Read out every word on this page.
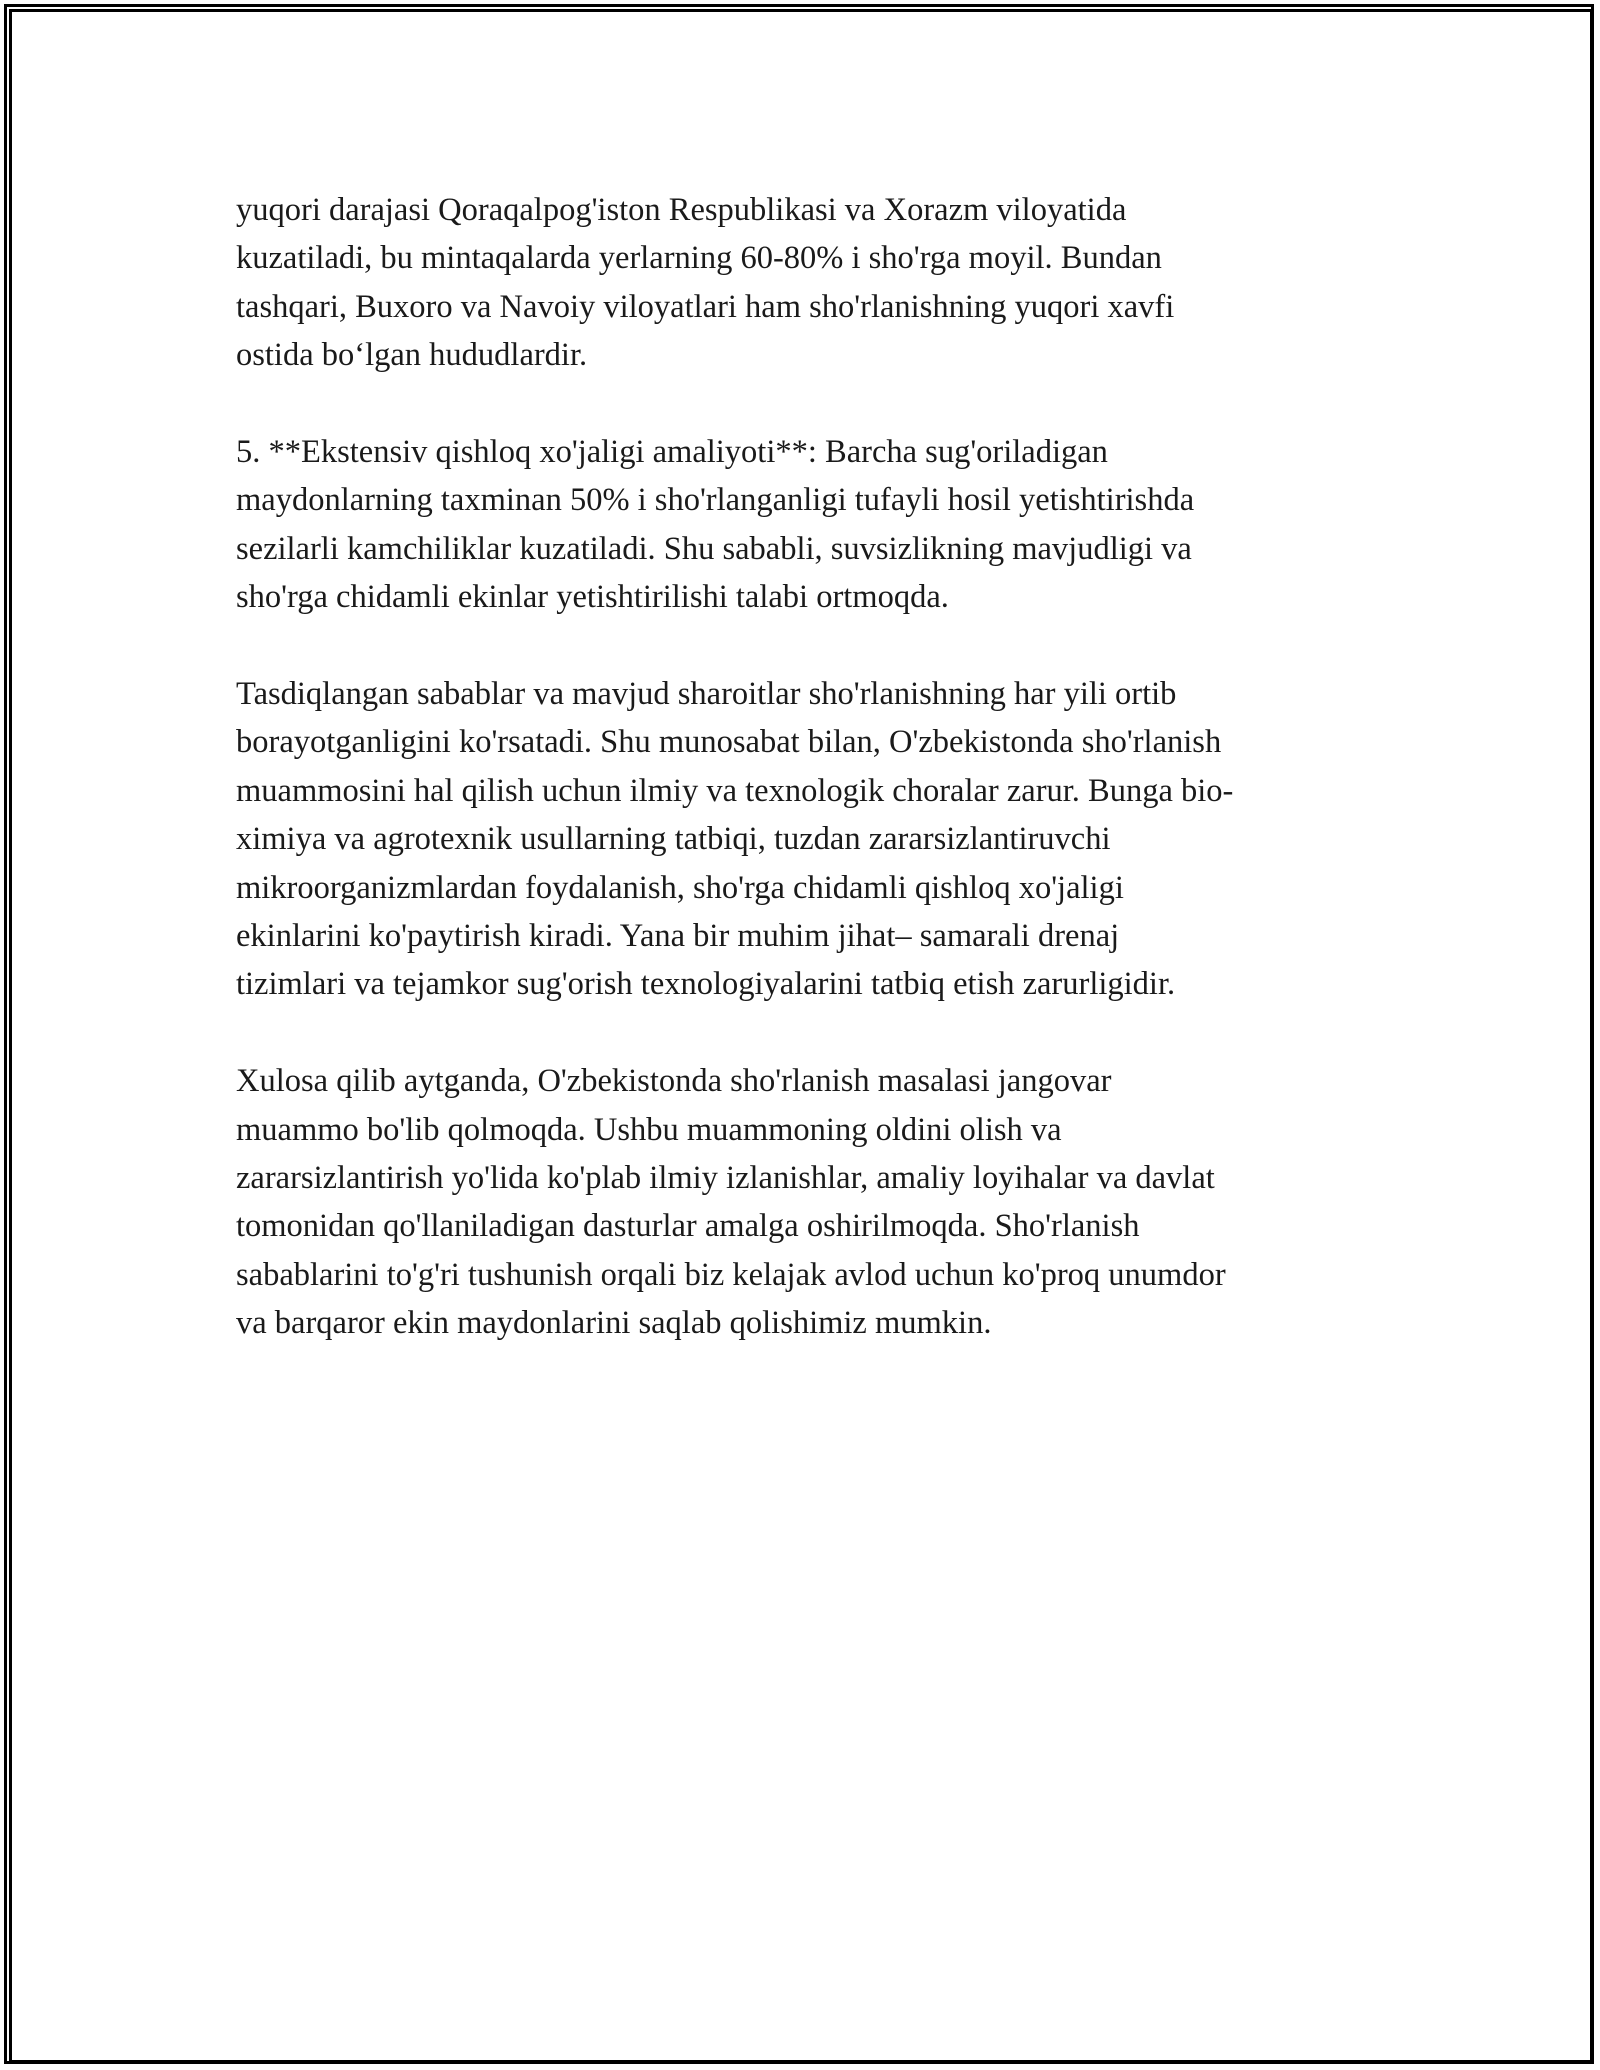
yuqori darajasi Qoraqalpog'iston Respublikasi va Xorazm viloyatida
kuzatiladi, bu mintaqalarda yerlarning 60-80% i sho'rga moyil. Bundan
tashqari, Buxoro va Navoiy viloyatlari ham sho'rlanishning yuqori xavfi
ostida bo‘lgan hududlardir.

5. **Ekstensiv qishloq xo'jaligi amaliyoti**: Barcha sug'oriladigan
maydonlarning taxminan 50% i sho'rlanganligi tufayli hosil yetishtirishda
sezilarli kamchiliklar kuzatiladi. Shu sababli, suvsizlikning mavjudligi va
sho'rga chidamli ekinlar yetishtirilishi talabi ortmoqda.

Tasdiqlangan sabablar va mavjud sharoitlar sho'rlanishning har yili ortib
borayotganligini ko'rsatadi. Shu munosabat bilan, O'zbekistonda sho'rlanish
muammosini hal qilish uchun ilmiy va texnologik choralar zarur. Bunga bio-
ximiya va agrotexnik usullarning tatbiqi, tuzdan zararsizlantiruvchi
mikroorganizmlardan foydalanish, sho'rga chidamli qishloq xo'jaligi
ekinlarini ko'paytirish kiradi. Yana bir muhim jihat– samarali drenaj
tizimlari va tejamkor sug'orish texnologiyalarini tatbiq etish zarurligidir.

Xulosa qilib aytganda, O'zbekistonda sho'rlanish masalasi jangovar
muammo bo'lib qolmoqda. Ushbu muammoning oldini olish va
zararsizlantirish yo'lida ko'plab ilmiy izlanishlar, amaliy loyihalar va davlat
tomonidan qo'llaniladigan dasturlar amalga oshirilmoqda. Sho'rlanish
sabablarini to'g'ri tushunish orqali biz kelajak avlod uchun ko'proq unumdor
va barqaror ekin maydonlarini saqlab qolishimiz mumkin.
